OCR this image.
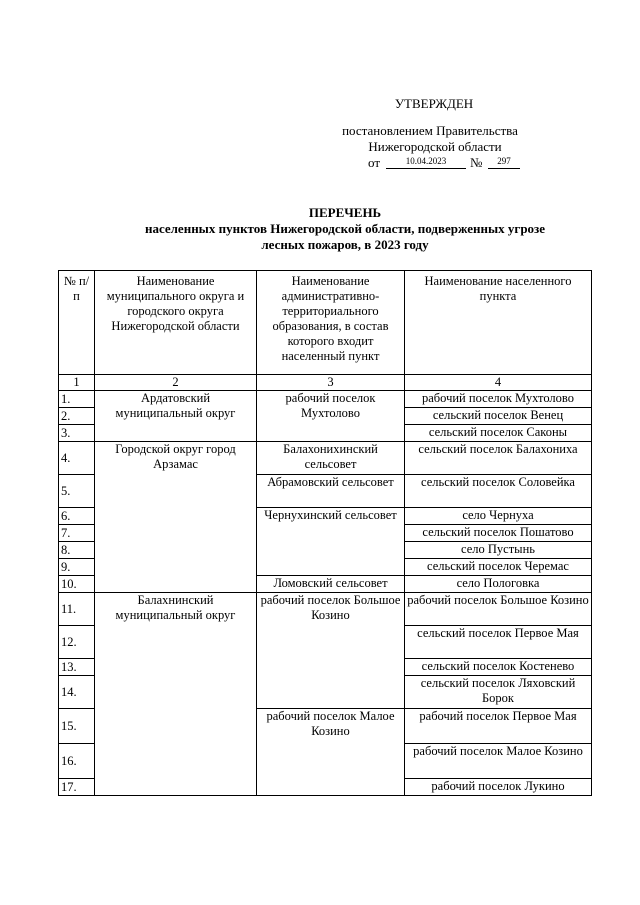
УТВЕРЖДЕН
постановлением Правительства
Нижегородской области
от	10.04.2023	№	297
ПЕРЕЧЕНЬ
населенных пунктов Нижегородской области, подверженных угрозе
лесных пожаров, в 2023 году
№ п/п	Наименование муниципального округа и городского округа Нижегородской области	Наименование административно-территориального образования, в состав которого входит населенный пункт	Наименование населенного пункта
1	2	3	4
1.	Ардатовский муниципальный округ	рабочий поселок Мухтолово	рабочий поселок Мухтолово
2.			сельский поселок Венец
3.			сельский поселок Саконы
4.	Городской округ город Арзамас	Балахонихинский сельсовет	сельский поселок Балахониха
5.		Абрамовский сельсовет	сельский поселок Соловейка
6.		Чернухинский сельсовет	село Чернуха
7.			сельский поселок Пошатово
8.			село Пустынь
9.			сельский поселок Черемас
10.		Ломовский сельсовет	село Пологовка
11.	Балахнинский муниципальный округ	рабочий поселок Большое Козино	рабочий поселок Большое Козино
12.			сельский поселок Первое Мая
13.			сельский поселок Костенево
14.			сельский поселок Ляховский Борок
15.		рабочий поселок Малое Козино	рабочий поселок Первое Мая
16.			рабочий поселок Малое Козино
17.			рабочий поселок Лукино
